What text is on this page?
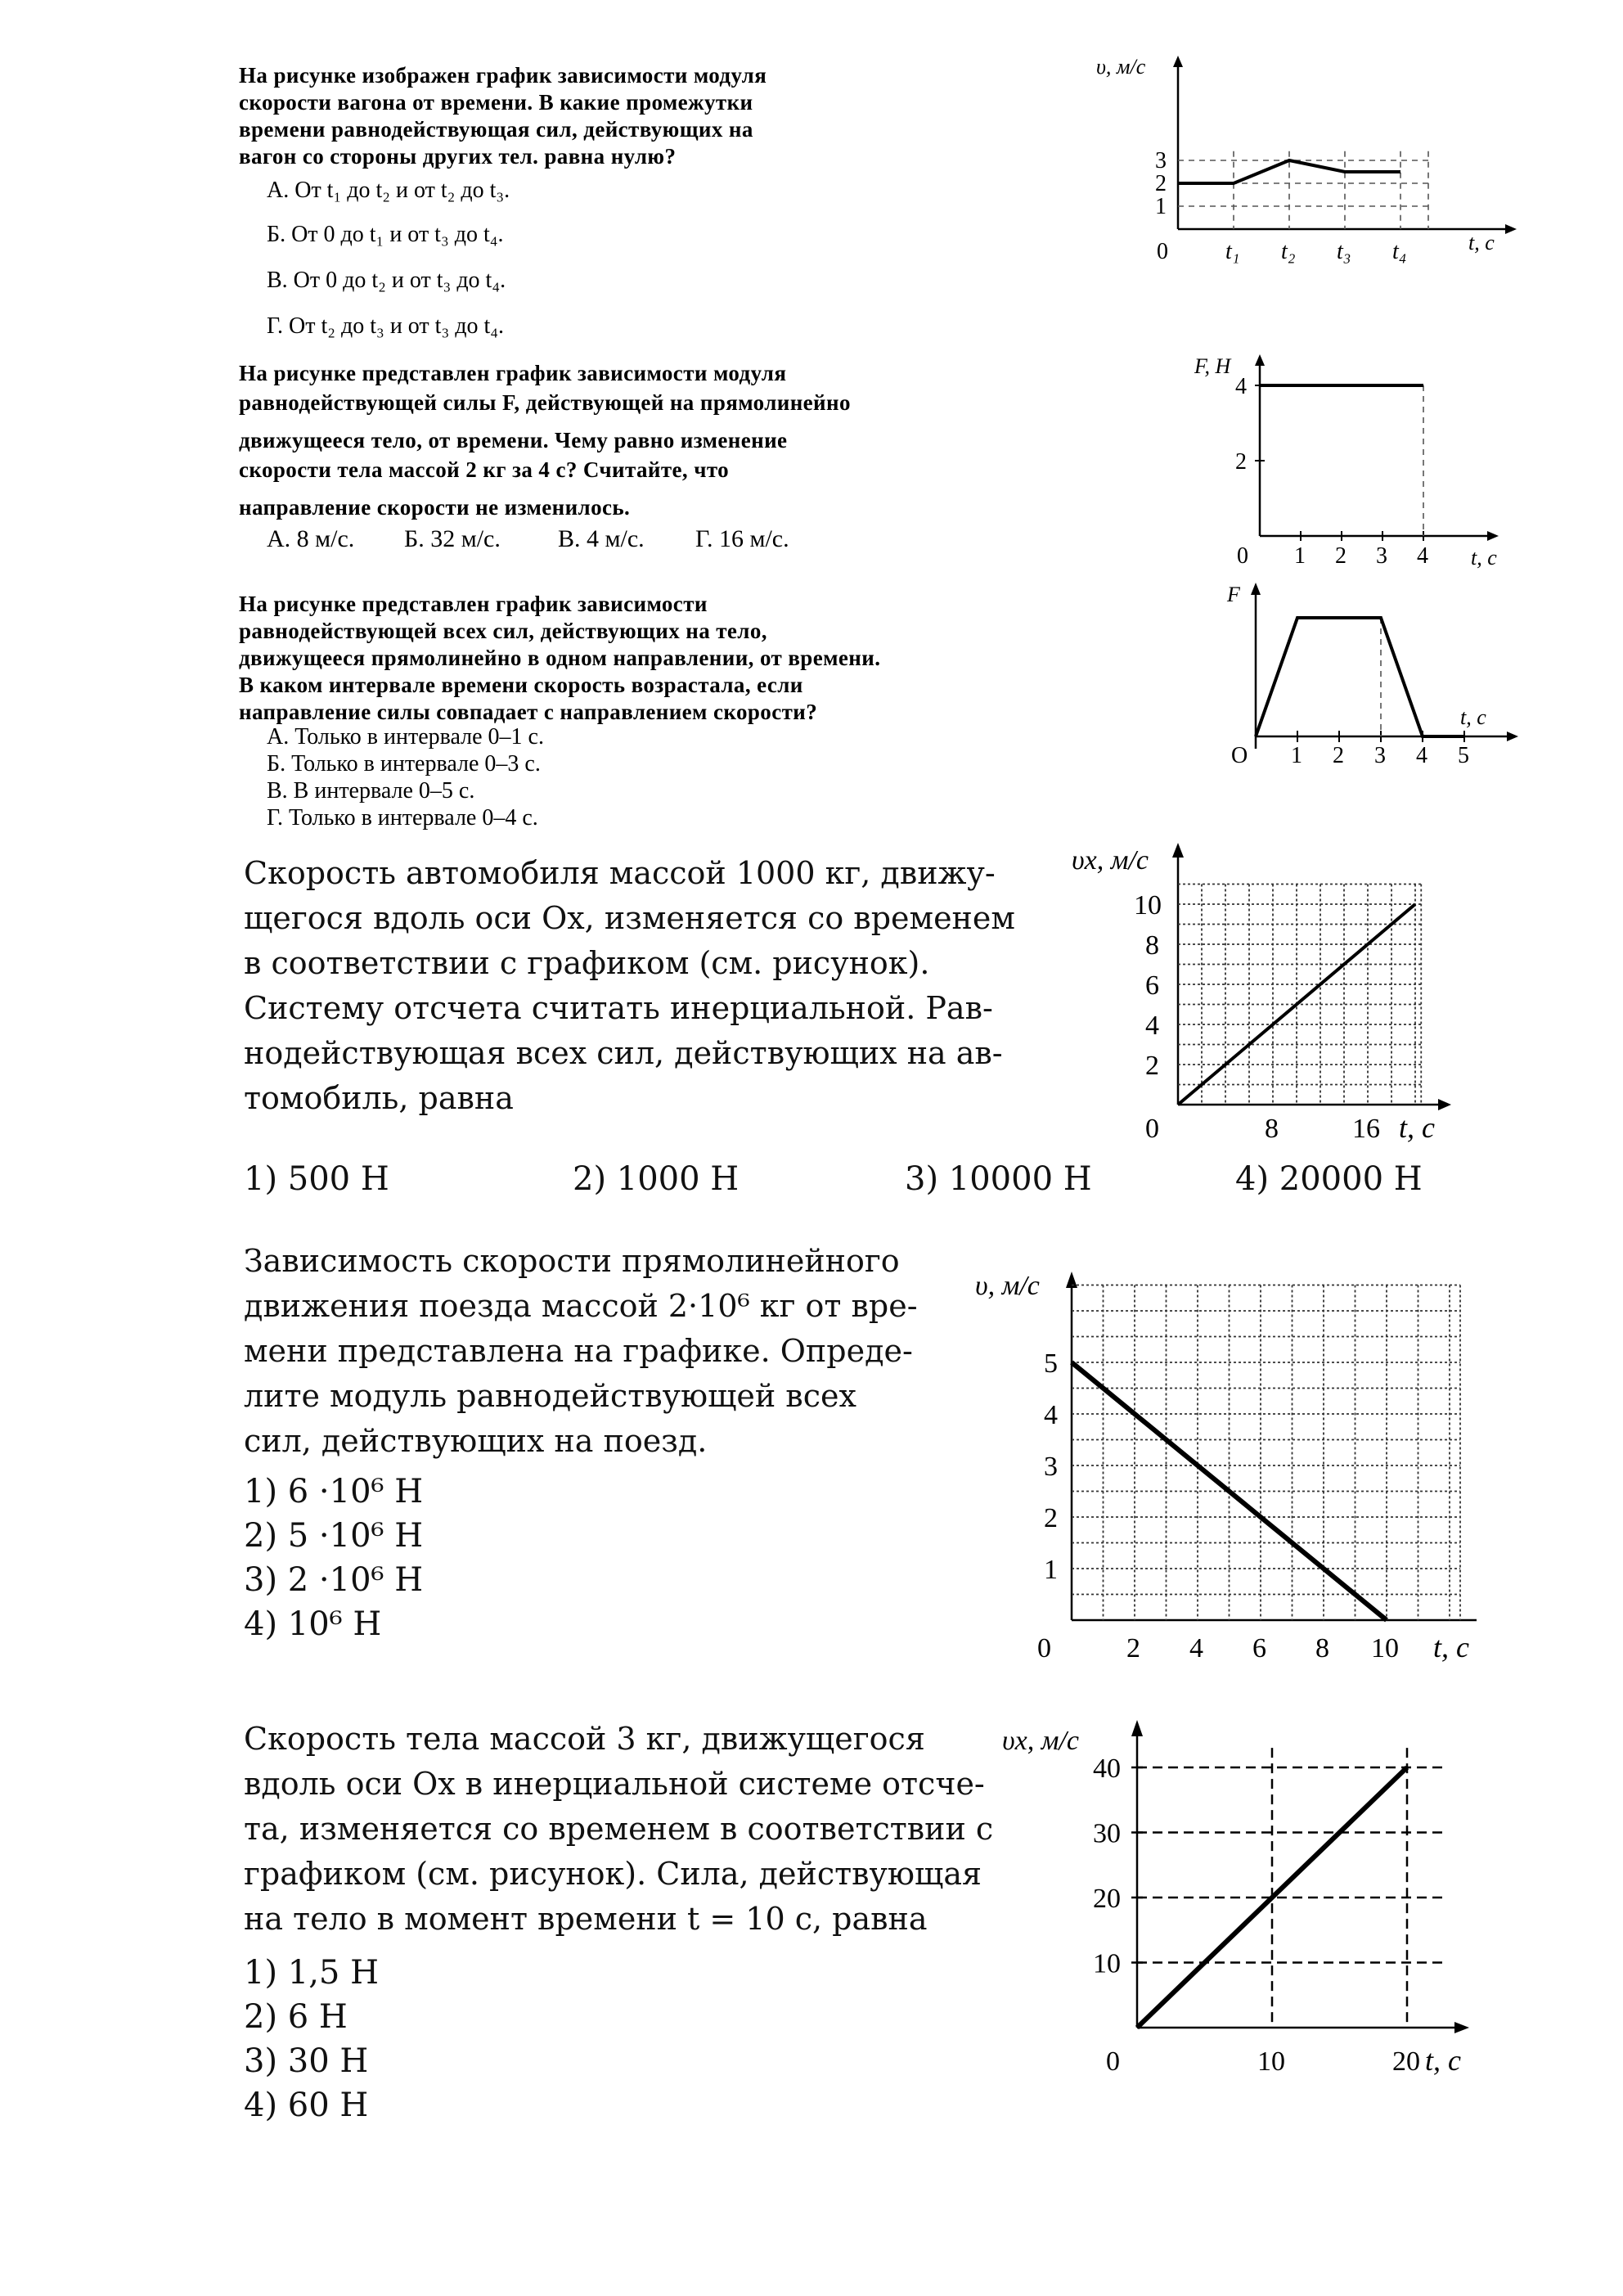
На рисунке изображен график зависимости модуля
скорости вагона от времени. В какие промежутки
времени равнодействующая сил, действующих на
вагон со стороны других тел. равна нулю?
А. От t₁ до t₂ и от t₂ до t₃.
Б. От 0 до t₁ и от t₃ до t₄.
В. От 0 до t₂ и от t₃ до t₄.
Г. От t₂ до t₃ и от t₃ до t₄.
υ, м/с
t, с
1
2
3
0	t₁ t₂ t₃ t₄
На рисунке представлен график зависимости модуля
равнодействующей силы F, действующей на прямолинейно
движущееся тело, от времени. Чему равно изменение
скорости тела массой 2 кг за 4 с? Считайте, что
направление скорости не изменилось.
А. 8 м/с. Б. 32 м/с. В. 4 м/с. Г. 16 м/с.
F, Н
t, с
2
4
0 1 2 3 4
На рисунке представлен график зависимости
равнодействующей всех сил, действующих на тело,
движущееся прямолинейно в одном направлении, от времени.
В каком интервале времени скорость возрастала, если
направление силы совпадает с направлением скорости?
А. Только в интервале 0–1 с.
Б. Только в интервале 0–3 с.
В. В интервале 0–5 с.
Г. Только в интервале 0–4 с.
F
t, с
O 1 2 3 4 5
Скорость автомобиля массой 1000 кг, движу-
щегося вдоль оси Ox, изменяется со временем
в соответствии с графиком (см. рисунок).
Систему отсчета считать инерциальной. Рав-
нодействующая всех сил, действующих на ав-
томобиль, равна
1) 500 Н	2) 1000 Н	3) 10000 Н	4) 20000 Н
υx, м/с
t, с
2
4
6
8
10
0	8	16
Зависимость скорости прямолинейного
движения поезда массой 2·10⁶ кг от вре-
мени представлена на графике. Опреде-
лите модуль равнодействующей всех
сил, действующих на поезд.
1) 6 ·10⁶ Н
2) 5 ·10⁶ Н
3) 2 ·10⁶ Н
4) 10⁶ Н
υ, м/с
t, с
1
2
3
4
5
0	2 4 6 8 10
Скорость тела массой 3 кг, движущегося
вдоль оси Ox в инерциальной системе отсче-
та, изменяется со временем в соответствии с
графиком (см. рисунок). Сила, действующая
на тело в момент времени t = 10 с, равна
1) 1,5 Н
2) 6 Н
3) 30 Н
4) 60 Н
υx, м/с
t, с
10
20
30
40
0	10	20
